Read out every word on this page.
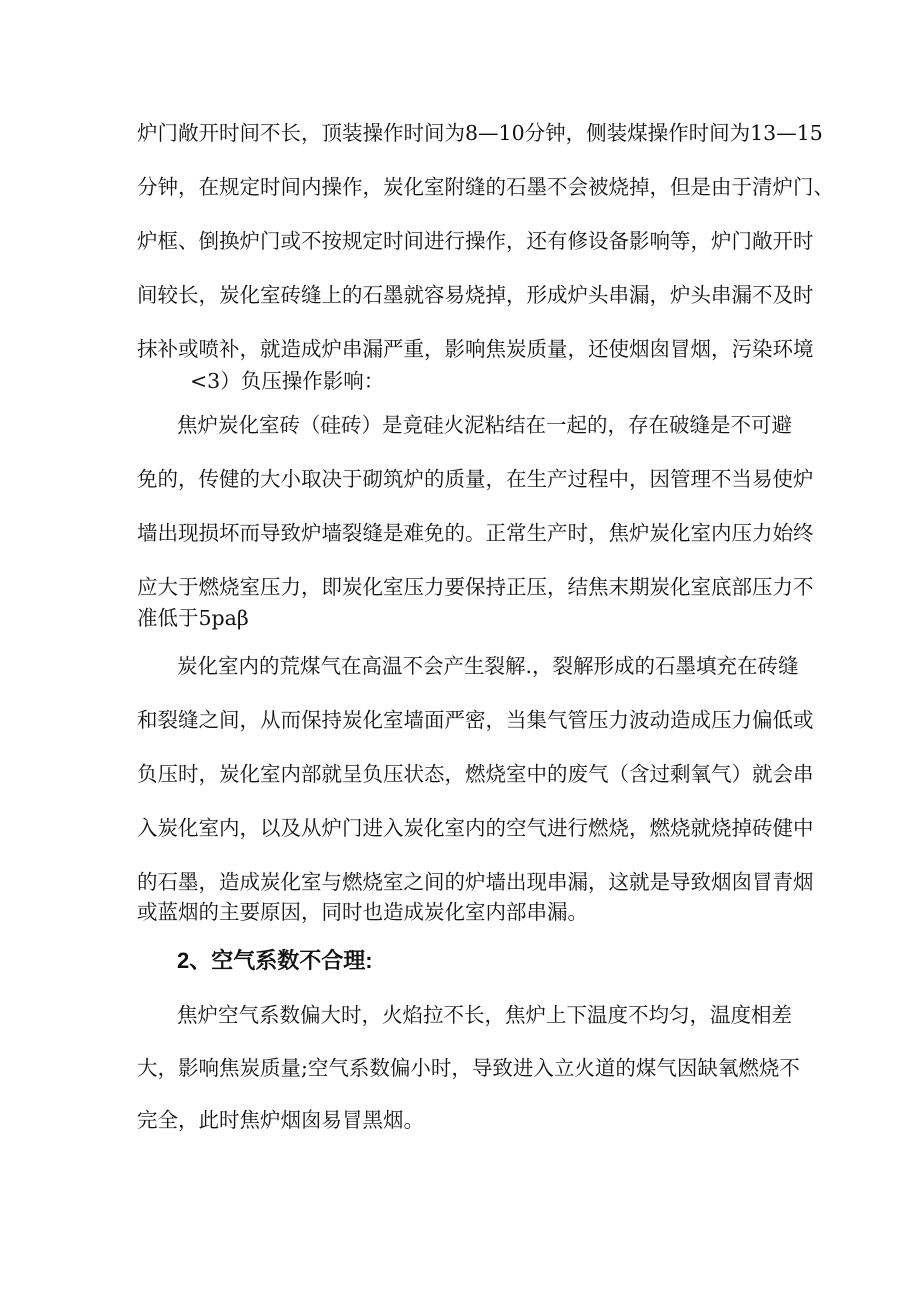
炉门敞开时间不长，顶装操作时间为8—10分钟，侧装煤操作时间为13—15
分钟，在规定时间内操作，炭化室附缝的石墨不会被烧掉，但是由于清炉门、
炉框、倒换炉门或不按规定时间进行操作，还有修设备影响等，炉门敞开时
间较长，炭化室砖缝上的石墨就容易烧掉，形成炉头串漏，炉头串漏不及时
抹补或喷补，就造成炉串漏严重，影响焦炭质量，还使烟囱冒烟，污染环境
<3）负压操作影响：
焦炉炭化室砖（硅砖）是竟硅火泥粘结在一起的，存在破缝是不可避
免的，传健的大小取决于砌筑炉的质量，在生产过程中，因管理不当易使炉
墙出现损坏而导致炉墙裂缝是难免的。正常生产时，焦炉炭化室内压力始终
应大于燃烧室压力，即炭化室压力要保持正压，结焦末期炭化室底部压力不
准低于5paβ
炭化室内的荒煤气在高温不会产生裂解.，裂解形成的石墨填充在砖缝
和裂缝之间，从而保持炭化室墙面严密，当集气管压力波动造成压力偏低或
负压时，炭化室内部就呈负压状态，燃烧室中的废气（含过剩氧气）就会串
入炭化室内，以及从炉门进入炭化室内的空气进行燃烧，燃烧就烧掉砖健中
的石墨，造成炭化室与燃烧室之间的炉墙出现串漏，这就是导致烟囱冒青烟
或蓝烟的主要原因，同时也造成炭化室内部串漏。
2、空气系数不合理:
焦炉空气系数偏大时，火焰拉不长，焦炉上下温度不均匀，温度相差
大，影响焦炭质量;空气系数偏小时，导致进入立火道的煤气因缺氧燃烧不
完全，此时焦炉烟囱易冒黑烟。
